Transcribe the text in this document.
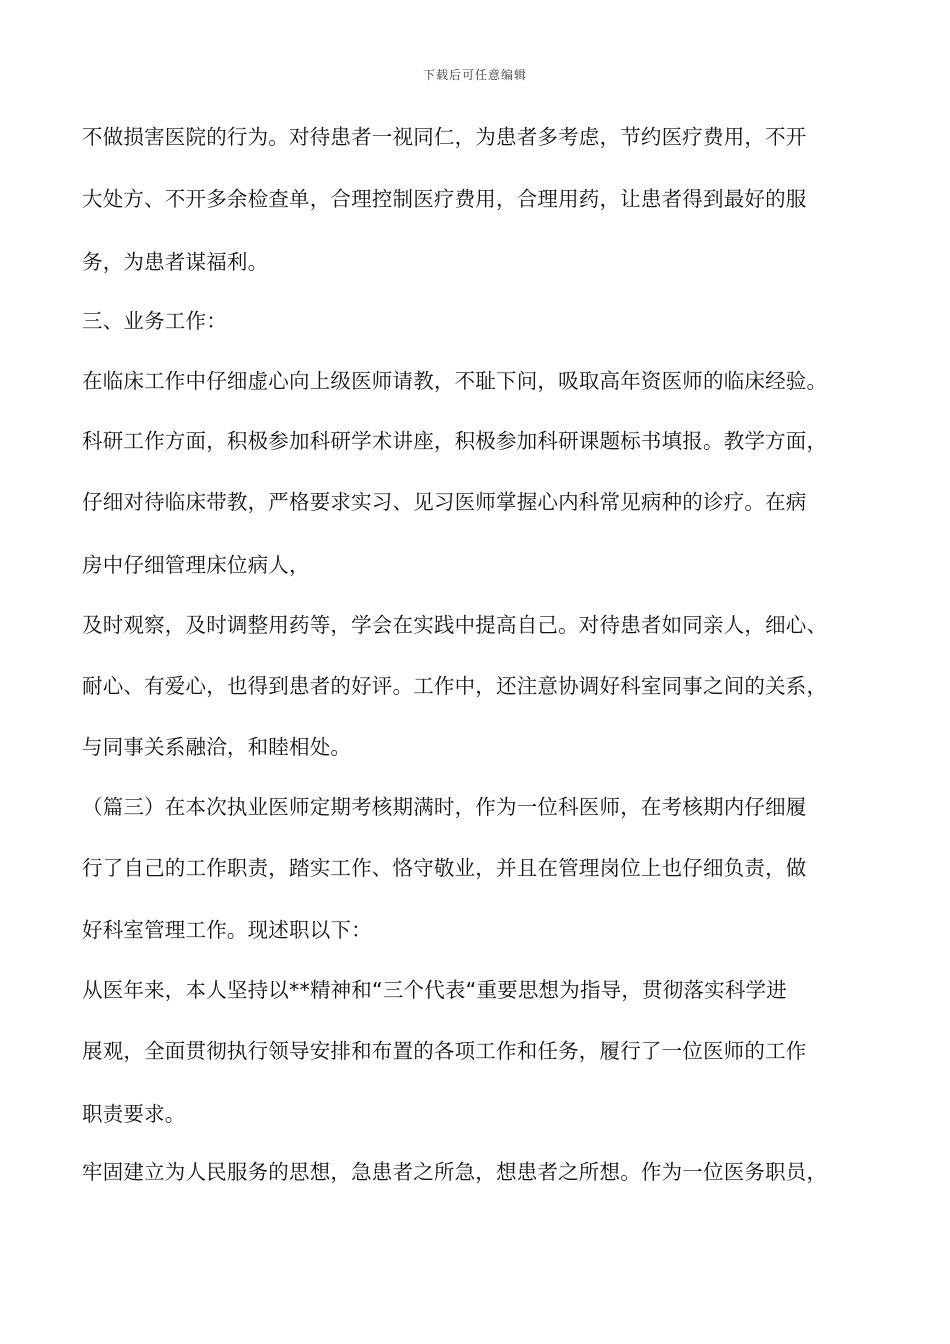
下载后可任意编辑
不做损害医院的行为。对待患者一视同仁，为患者多考虑，节约医疗费用，不开
大处方、不开多余检查单，合理控制医疗费用，合理用药，让患者得到最好的服
务，为患者谋福利。
三、业务工作：
在临床工作中仔细虚心向上级医师请教，不耻下问，吸取高年资医师的临床经验。
科研工作方面，积极参加科研学术讲座，积极参加科研课题标书填报。教学方面，
仔细对待临床带教，严格要求实习、见习医师掌握心内科常见病种的诊疗。在病
房中仔细管理床位病人，
及时观察，及时调整用药等，学会在实践中提高自己。对待患者如同亲人，细心、
耐心、有爱心，也得到患者的好评。工作中，还注意协调好科室同事之间的关系，
与同事关系融洽，和睦相处。
（篇三）在本次执业医师定期考核期满时，作为一位科医师，在考核期内仔细履
行了自己的工作职责，踏实工作、恪守敬业，并且在管理岗位上也仔细负责，做
好科室管理工作。现述职以下：
从医年来，本人坚持以**精神和“三个代表“重要思想为指导，贯彻落实科学进
展观，全面贯彻执行领导安排和布置的各项工作和任务，履行了一位医师的工作
职责要求。
牢固建立为人民服务的思想，急患者之所急，想患者之所想。作为一位医务职员，
